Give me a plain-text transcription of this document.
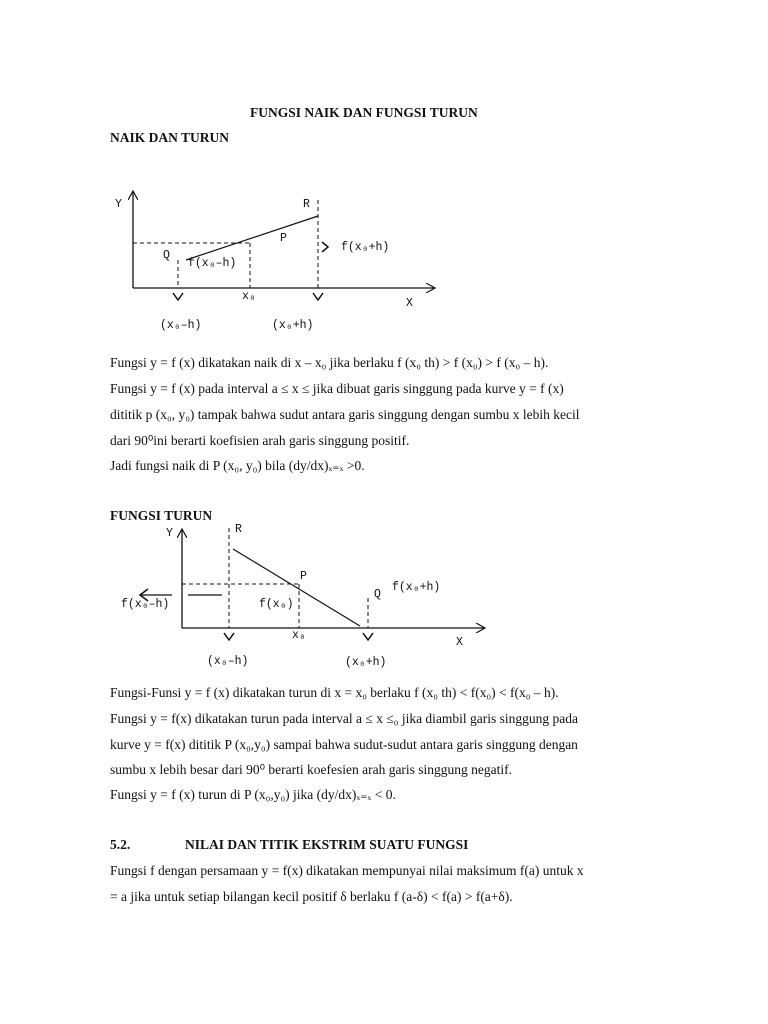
FUNGSI NAIK DAN FUNGSI TURUN
NAIK DAN TURUN
Y	R
P
Q
f(x₀–h)
f(x₀+h)
x₀
X
(x₀–h)	(x₀+h)
Fungsi y = f (x) dikatakan naik di x – x₀ jika berlaku f (x₀ th) > f (x₀) > f (x₀ – h).
Fungsi y = f (x) pada interval a ≤ x ≤ jika dibuat garis singgung pada kurve y = f (x)
dititik p (x₀, y₀) tampak bahwa sudut antara garis singgung dengan sumbu x lebih kecil
dari 90⁰ini berarti koefisien arah garis singgung positif.
Jadi fungsi naik di P (x₀, y₀) bila (dy/dx)ₓ₌ₓ >0.
FUNGSI TURUN
Y	R
P
Q
f(x₀+h)
f(x₀–h)	f(x₀)
x₀
X
(x₀–h)	(x₀+h)
Fungsi-Funsi y = f (x) dikatakan turun di x = x₀ berlaku f (x₀ th) < f(x₀) < f(x₀ – h).
Fungsi y = f(x) dikatakan turun pada interval a ≤ x ≤₀ jika diambil garis singgung pada
kurve y = f(x) dititik P (x₀,y₀) sampai bahwa sudut-sudut antara garis singgung dengan
sumbu x lebih besar dari 90⁰ berarti koefesien arah garis singgung negatif.
Fungsi y = f (x) turun di P (x₀,y₀) jika (dy/dx)ₓ₌ₓ < 0.
5.2.	NILAI DAN TITIK EKSTRIM SUATU FUNGSI
Fungsi f dengan persamaan y = f(x) dikatakan mempunyai nilai maksimum f(a) untuk x
= a jika untuk setiap bilangan kecil positif δ berlaku f (a-δ) < f(a) > f(a+δ).
